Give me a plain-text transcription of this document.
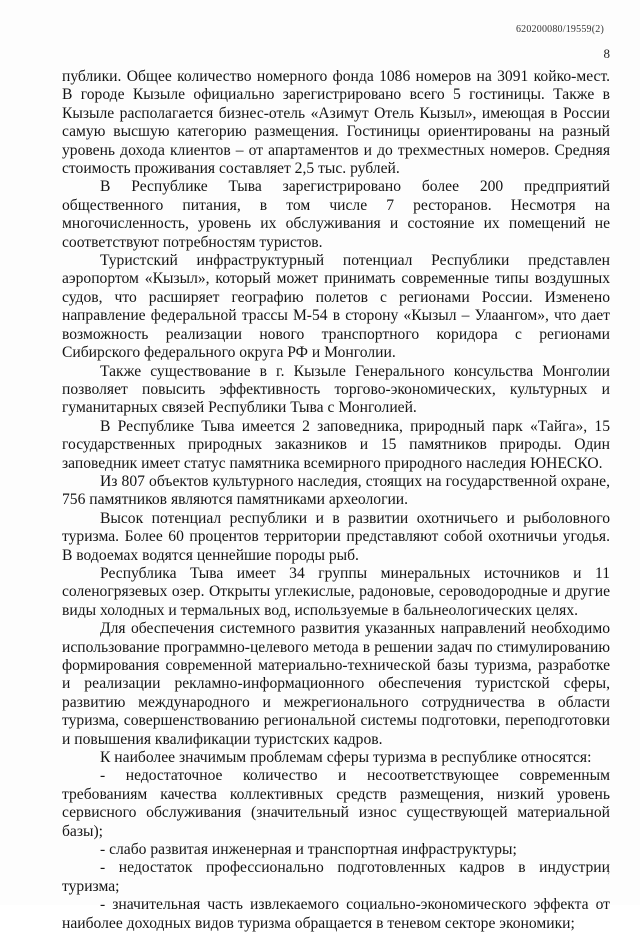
620200080/19559(2)
8

публики. Общее количество номерного фонда 1086 номеров на 3091 койко-мест. В городе Кызыле официально зарегистрировано всего 5 гостиницы. Также в Кызыле располагается бизнес-отель «Азимут Отель Кызыл», имеющая в России самую высшую категорию размещения. Гостиницы ориентированы на разный уровень дохода клиентов – от апартаментов и до трехместных номеров. Средняя стоимость проживания составляет 2,5 тыс. рублей.

В Республике Тыва зарегистрировано более 200 предприятий общественного питания, в том числе 7 ресторанов. Несмотря на многочисленность, уровень их обслуживания и состояние их помещений не соответствуют потребностям туристов.

Туристский инфраструктурный потенциал Республики представлен аэропортом «Кызыл», который может принимать современные типы воздушных судов, что расширяет географию полетов с регионами России. Изменено направление федеральной трассы М-54 в сторону «Кызыл – Улаангом», что дает возможность реализации нового транспортного коридора с регионами Сибирского федерального округа РФ и Монголии.

Также существование в г. Кызыле Генерального консульства Монголии позволяет повысить эффективность торгово-экономических, культурных и гуманитарных связей Республики Тыва с Монголией.

В Республике Тыва имеется 2 заповедника, природный парк «Тайга», 15 государственных природных заказников и 15 памятников природы. Один заповедник имеет статус памятника всемирного природного наследия ЮНЕСКО.

Из 807 объектов культурного наследия, стоящих на государственной охране, 756 памятников являются памятниками археологии.

Высок потенциал республики и в развитии охотничьего и рыболовного туризма. Более 60 процентов территории представляют собой охотничьи угодья. В водоемах водятся ценнейшие породы рыб.

Республика Тыва имеет 34 группы минеральных источников и 11 соленогрязевых озер. Открыты углекислые, радоновые, сероводородные и другие виды холодных и термальных вод, используемые в бальнеологических целях.

Для обеспечения системного развития указанных направлений необходимо использование программно-целевого метода в решении задач по стимулированию формирования современной материально-технической базы туризма, разработке и реализации рекламно-информационного обеспечения туристской сферы, развитию международного и межрегионального сотрудничества в области туризма, совершенствованию региональной системы подготовки, переподготовки и повышения квалификации туристских кадров.

К наиболее значимым проблемам сферы туризма в республике относятся:

- недостаточное количество и несоответствующее современным требованиям качества коллективных средств размещения, низкий уровень сервисного обслуживания (значительный износ существующей материальной базы);

- слабо развитая инженерная и транспортная инфраструктуры;

- недостаток профессионально подготовленных кадров в индустрии туризма;

- значительная часть извлекаемого социально-экономического эффекта от наиболее доходных видов туризма обращается в теневом секторе экономики;

´
